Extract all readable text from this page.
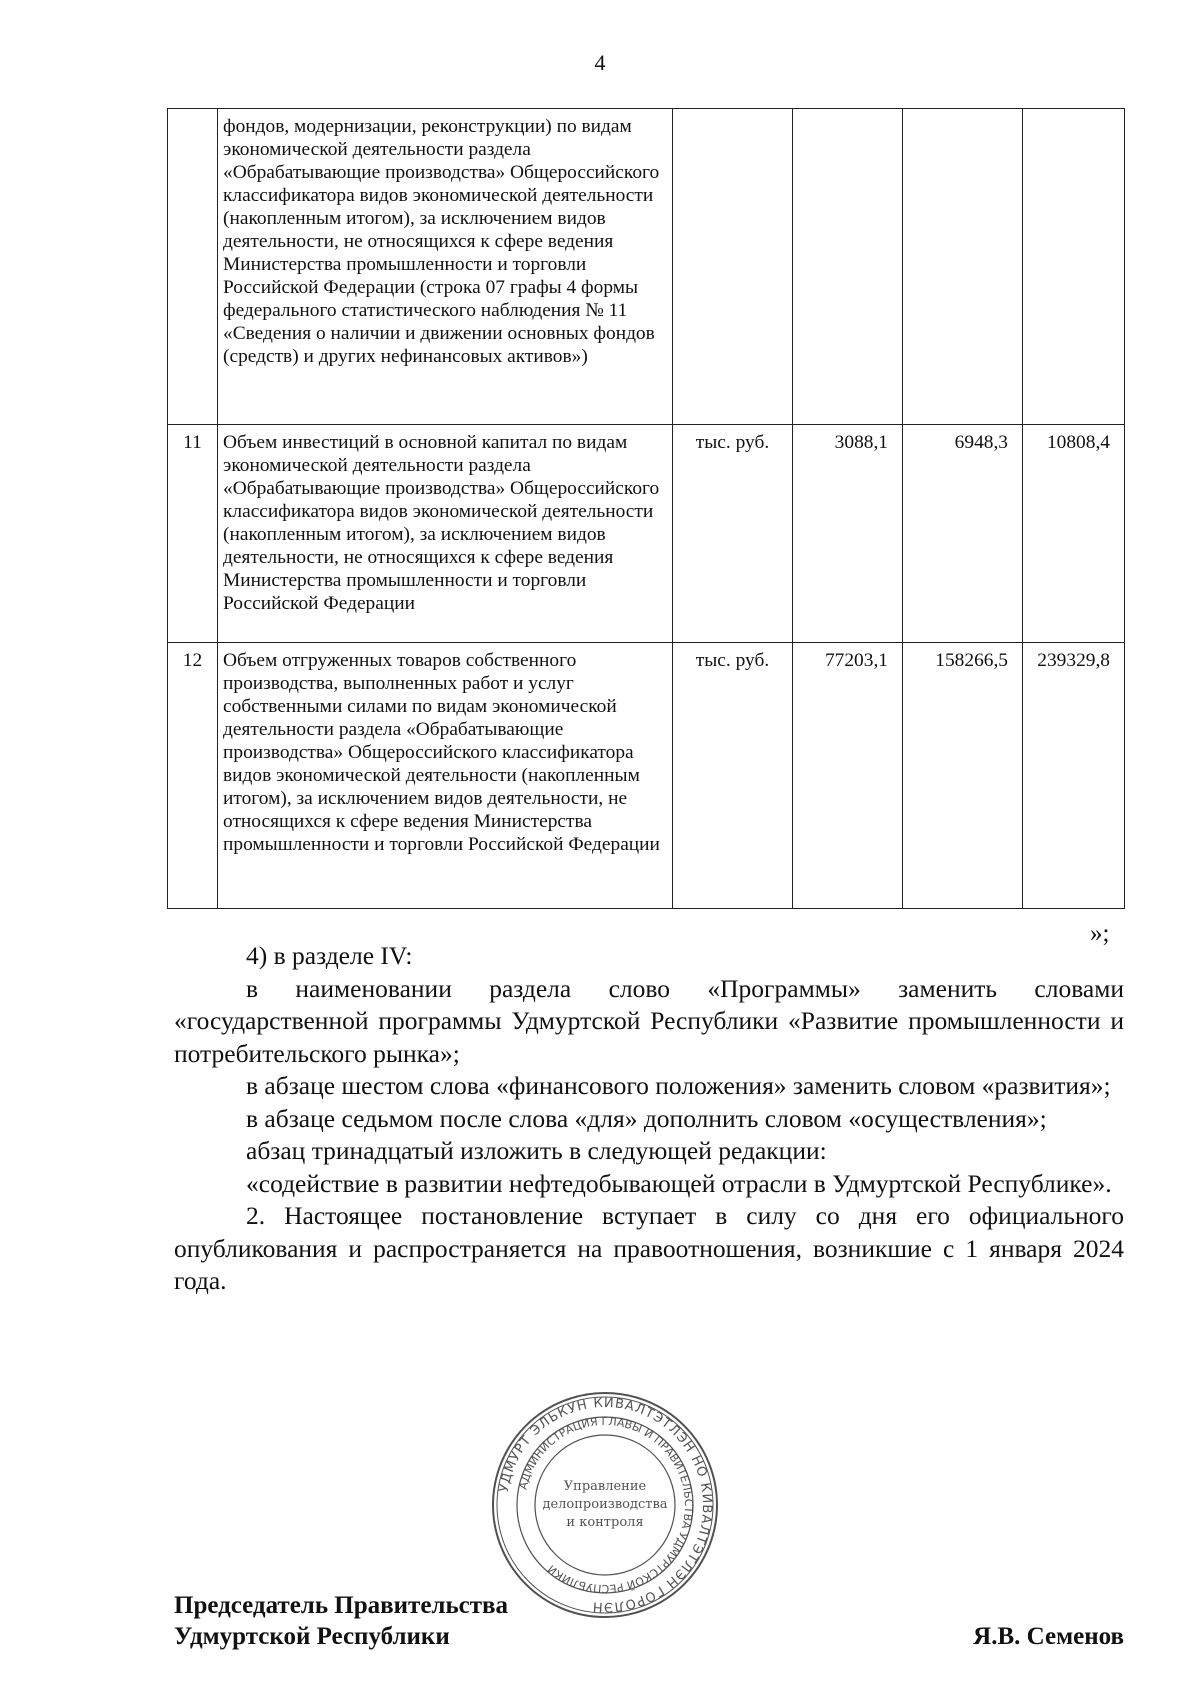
4
	фондов, модернизации, реконструкции) по видам экономической деятельности раздела «Обрабатывающие производства» Общероссийского классификатора видов экономической деятельности (накопленным итогом), за исключением видов деятельности, не относящихся к сфере ведения Министерства промышленности и торговли Российской Федерации (строка 07 графы 4 формы федерального статистического наблюдения № 11 «Сведения о наличии и движении основных фондов (средств) и других нефинансовых активов»)				
11	Объем инвестиций в основной капитал по видам экономической деятельности раздела «Обрабатывающие производства» Общероссийского классификатора видов экономической деятельности (накопленным итогом), за исключением видов деятельности, не относящихся к сфере ведения Министерства промышленности и торговли Российской Федерации	тыс. руб.	3088,1	6948,3	10808,4
12	Объем отгруженных товаров собственного производства, выполненных работ и услуг собственными силами по видам экономической деятельности раздела «Обрабатывающие производства» Общероссийского классификатора видов экономической деятельности (накопленным итогом), за исключением видов деятельности, не относящихся к сфере ведения Министерства промышленности и торговли Российской Федерации	тыс. руб.	77203,1	158266,5	239329,8
»;

4) в разделе IV:

в наименовании раздела слово «Программы» заменить словами «государственной программы Удмуртской Республики «Развитие промышленности и потребительского рынка»;

в абзаце шестом слова «финансового положения» заменить словом «развития»;

в абзаце седьмом после слова «для» дополнить словом «осуществления»;

абзац тринадцатый изложить в следующей редакции:

«содействие в развитии нефтедобывающей отрасли в Удмуртской Республике».

2. Настоящее постановление вступает в силу со дня его официального опубликования и распространяется на правоотношения, возникшие с 1 января 2024 года.

УДМУРТ ЭЛЬКУН КИВАЛТЭТЛЭН НО КИВАЛТЭТЛЭН ГОРОЛЭН
АДМИНИСТРАЦИЯ ГЛАВЫ И ПРАВИТЕЛЬСТВА УДМУРТСКОЙ РЕСПУБЛИКИ
Управление
делопроизводства
и контроля
Председатель Правительства
Удмуртской Республики	Я.В. Семенов
